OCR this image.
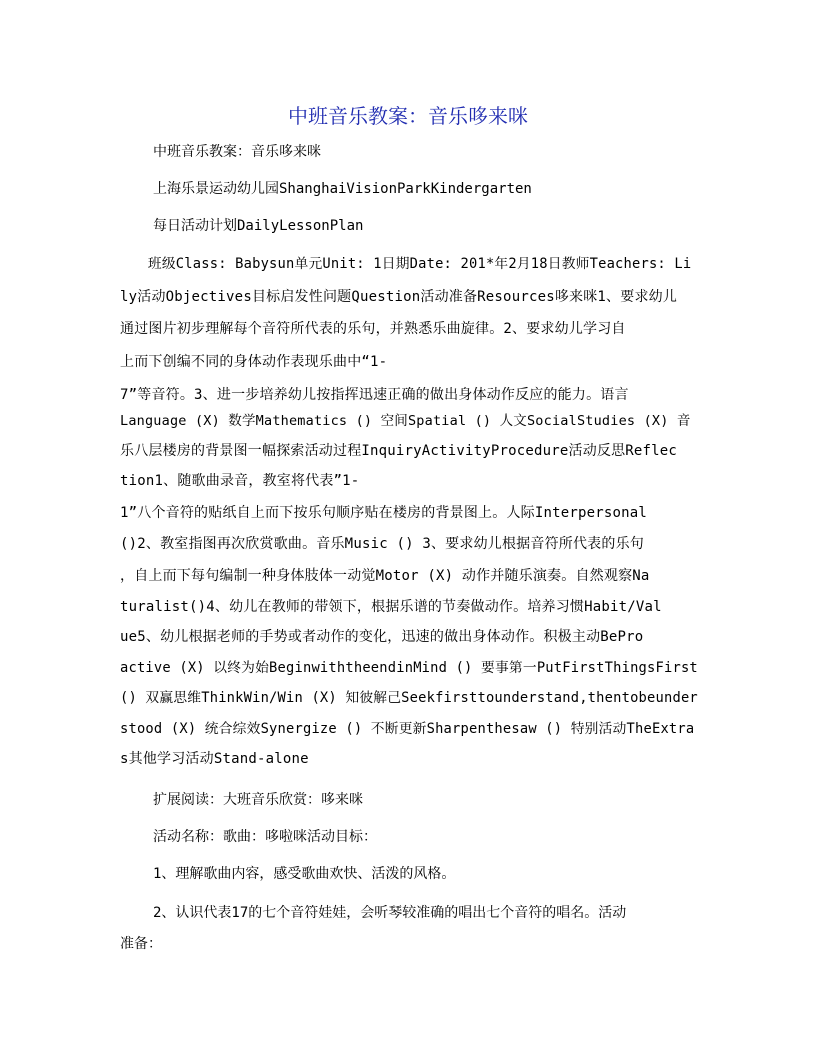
中班音乐教案：音乐哆来咪
中班音乐教案：音乐哆来咪
上海乐景运动幼儿园ShanghaiVisionParkKindergarten
每日活动计划DailyLessonPlan
　　班级Class: Babysun单元Unit: 1日期Date: 201*年2月18日教师Teachers: Li
ly活动Objectives目标启发性问题Question活动准备Resources哆来咪1、要求幼儿
通过图片初步理解每个音符所代表的乐句，并熟悉乐曲旋律。2、要求幼儿学习自
上而下创编不同的身体动作表现乐曲中“1-
7”等音符。3、进一步培养幼儿按指挥迅速正确的做出身体动作反应的能力。语言
Language (X) 数学Mathematics () 空间Spatial () 人文SocialStudies (X) 音
乐八层楼房的背景图一幅探索活动过程InquiryActivityProcedure活动反思Reflec
tion1、随歌曲录音，教室将代表”1-
1”八个音符的贴纸自上而下按乐句顺序贴在楼房的背景图上。人际Interpersonal
()2、教室指图再次欣赏歌曲。音乐Music () 3、要求幼儿根据音符所代表的乐句
，自上而下每句编制一种身体肢体一动觉Motor (X) 动作并随乐演奏。自然观察Na
turalist()4、幼儿在教师的带领下，根据乐谱的节奏做动作。培养习惯Habit/Val
ue5、幼儿根据老师的手势或者动作的变化，迅速的做出身体动作。积极主动BePro
active (X) 以终为始BeginwiththeendinMind () 要事第一PutFirstThingsFirst
() 双赢思维ThinkWin/Win (X) 知彼解己Seekfirsttounderstand,thentobeunder
stood (X) 统合综效Synergize () 不断更新Sharpenthesaw () 特别活动TheExtra
s其他学习活动Stand-alone
扩展阅读：大班音乐欣赏：哆来咪
活动名称：歌曲：哆啦咪活动目标：
1、理解歌曲内容，感受歌曲欢快、活泼的风格。
2、认识代表17的七个音符娃娃，会听琴较准确的唱出七个音符的唱名。活动
准备：
